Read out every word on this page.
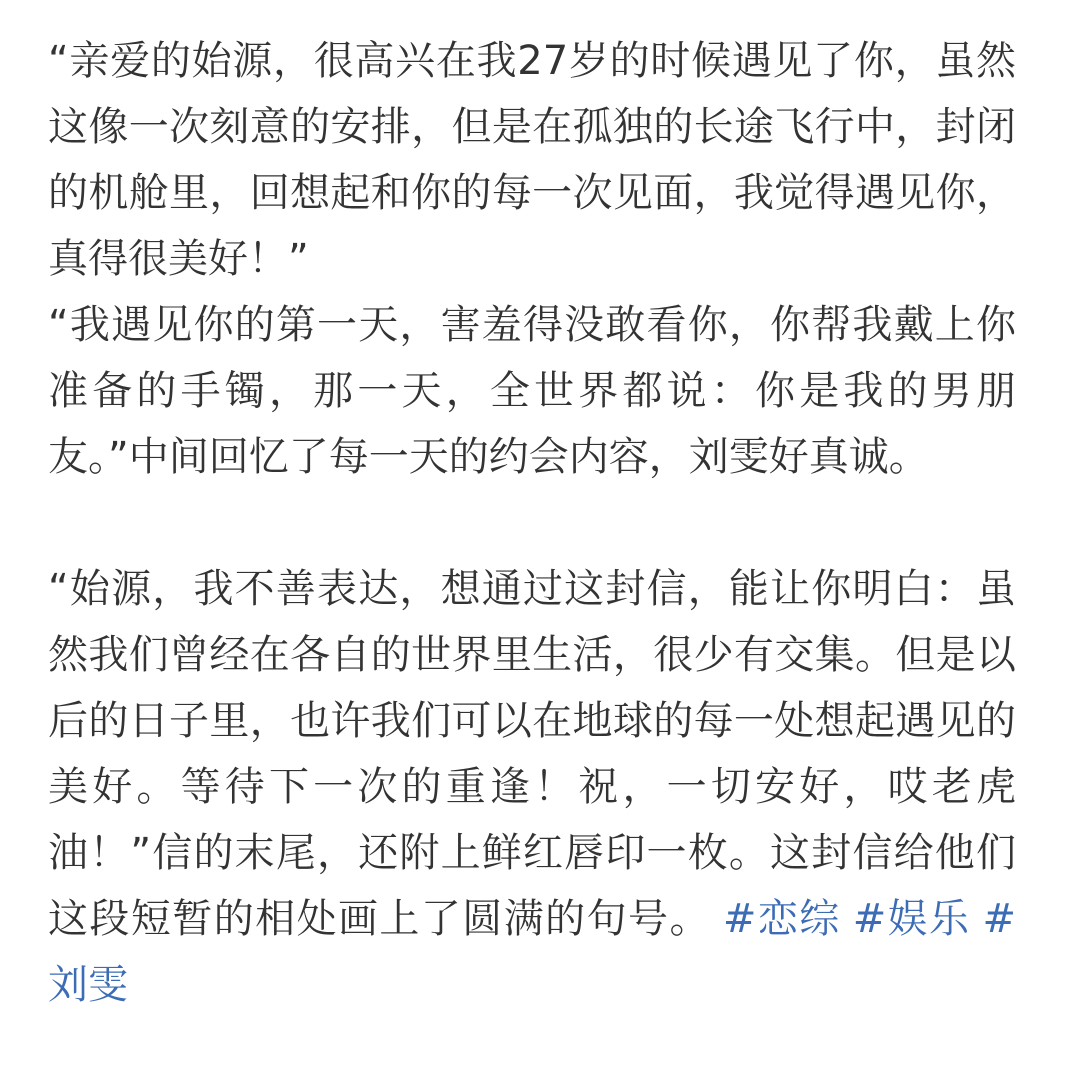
“亲爱的始源，很高兴在我27岁的时候遇见了你，虽然这像一次刻意的安排，但是在孤独的长途飞行中，封闭的机舱里，回想起和你的每一次见面，我觉得遇见你，真得很美好！”

“我遇见你的第一天，害羞得没敢看你，你帮我戴上你准备的手镯，那一天，全世界都说：你是我的男朋友。”中间回忆了每一天的约会内容，刘雯好真诚。

“始源，我不善表达，想通过这封信，能让你明白：虽然我们曾经在各自的世界里生活，很少有交集。但是以后的日子里，也许我们可以在地球的每一处想起遇见的美好。等待下一次的重逢！祝，一切安好，哎老虎油！”信的末尾，还附上鲜红唇印一枚。这封信给他们这段短暂的相处画上了圆满的句号。 #恋综 #娱乐 #刘雯
